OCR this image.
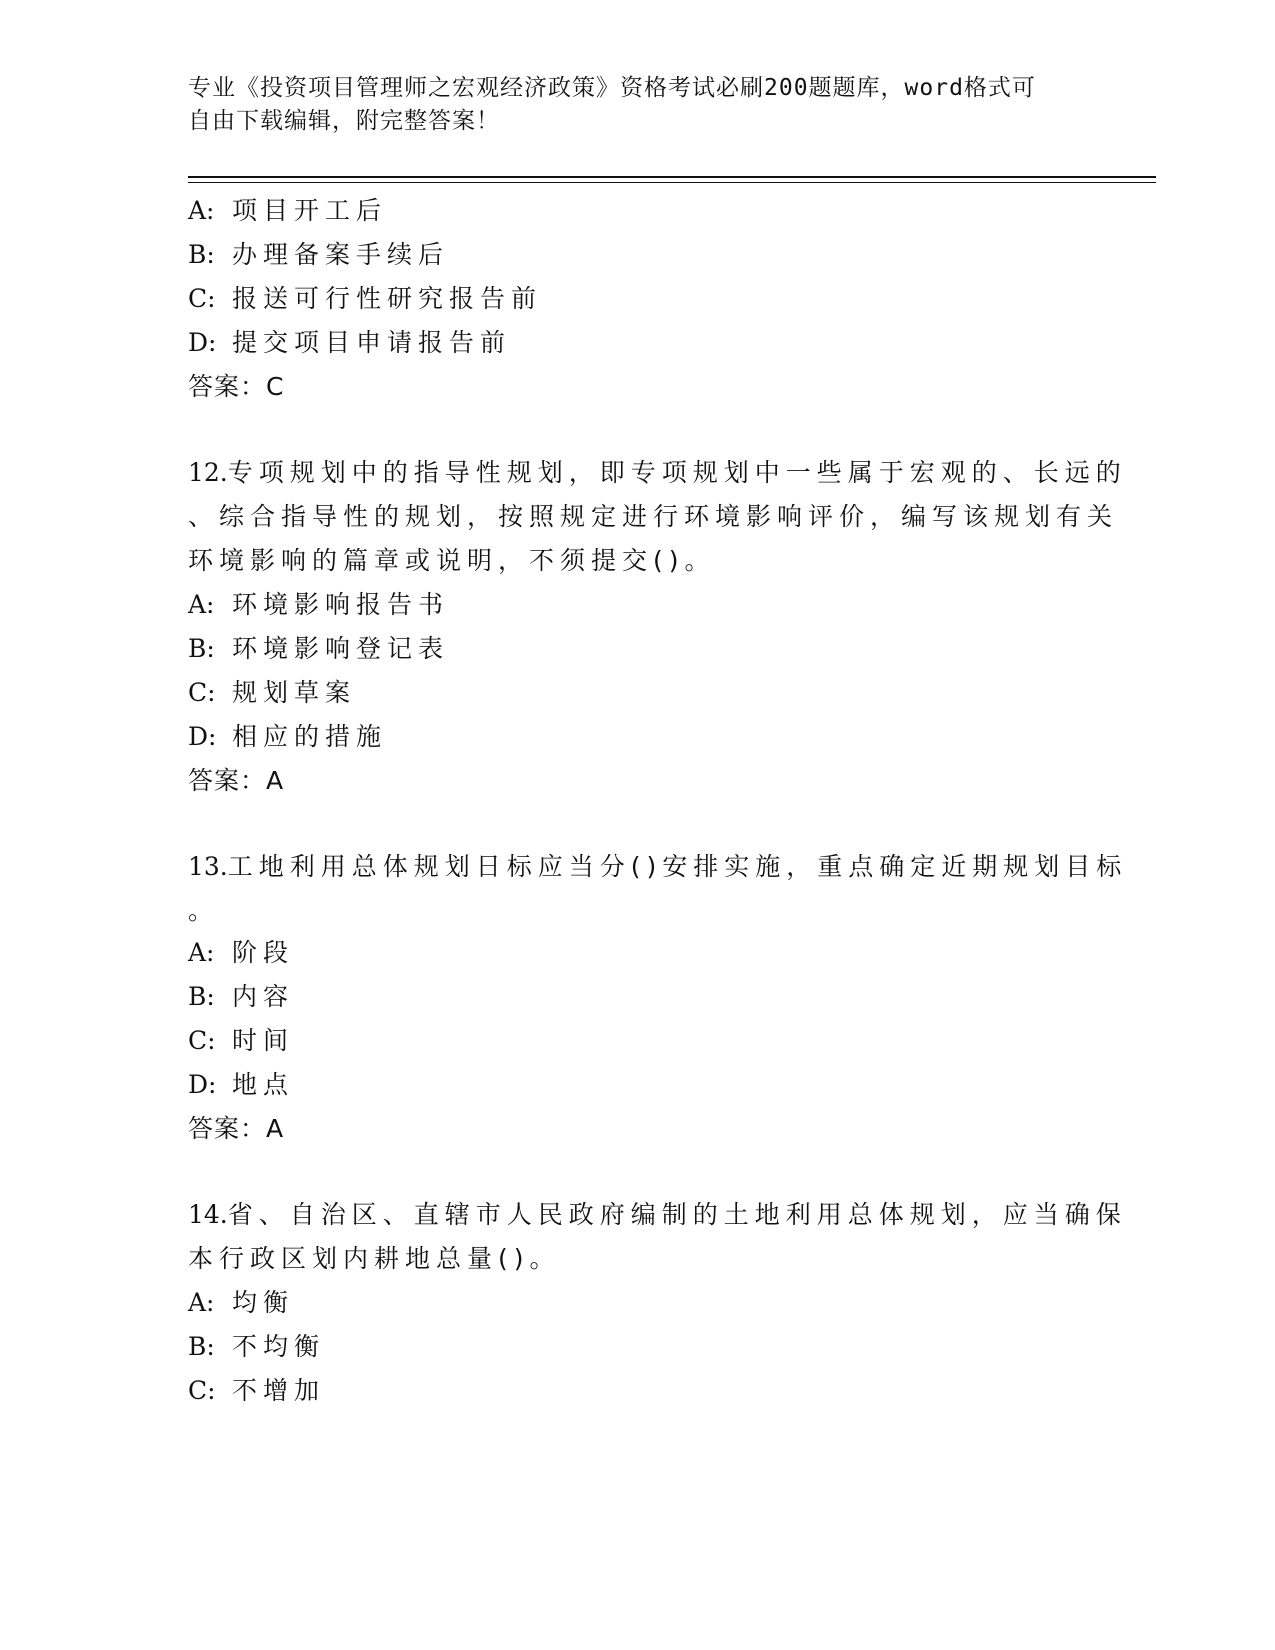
专业《投资项目管理师之宏观经济政策》资格考试必刷200题题库，word格式可
自由下载编辑，附完整答案！
A: 项目开工后
B: 办理备案手续后
C: 报送可行性研究报告前
D: 提交项目申请报告前
答案：C
12.专项规划中的指导性规划，即专项规划中一些属于宏观的、长远的
、综合指导性的规划，按照规定进行环境影响评价，编写该规划有关
环境影响的篇章或说明，不须提交()。
A: 环境影响报告书
B: 环境影响登记表
C: 规划草案
D: 相应的措施
答案：A
13.工地利用总体规划日标应当分()安排实施，重点确定近期规划目标
。
A: 阶段
B: 内容
C: 时间
D: 地点
答案：A
14.省、自治区、直辖市人民政府编制的土地利用总体规划，应当确保
本行政区划内耕地总量()。
A: 均衡
B: 不均衡
C: 不增加
